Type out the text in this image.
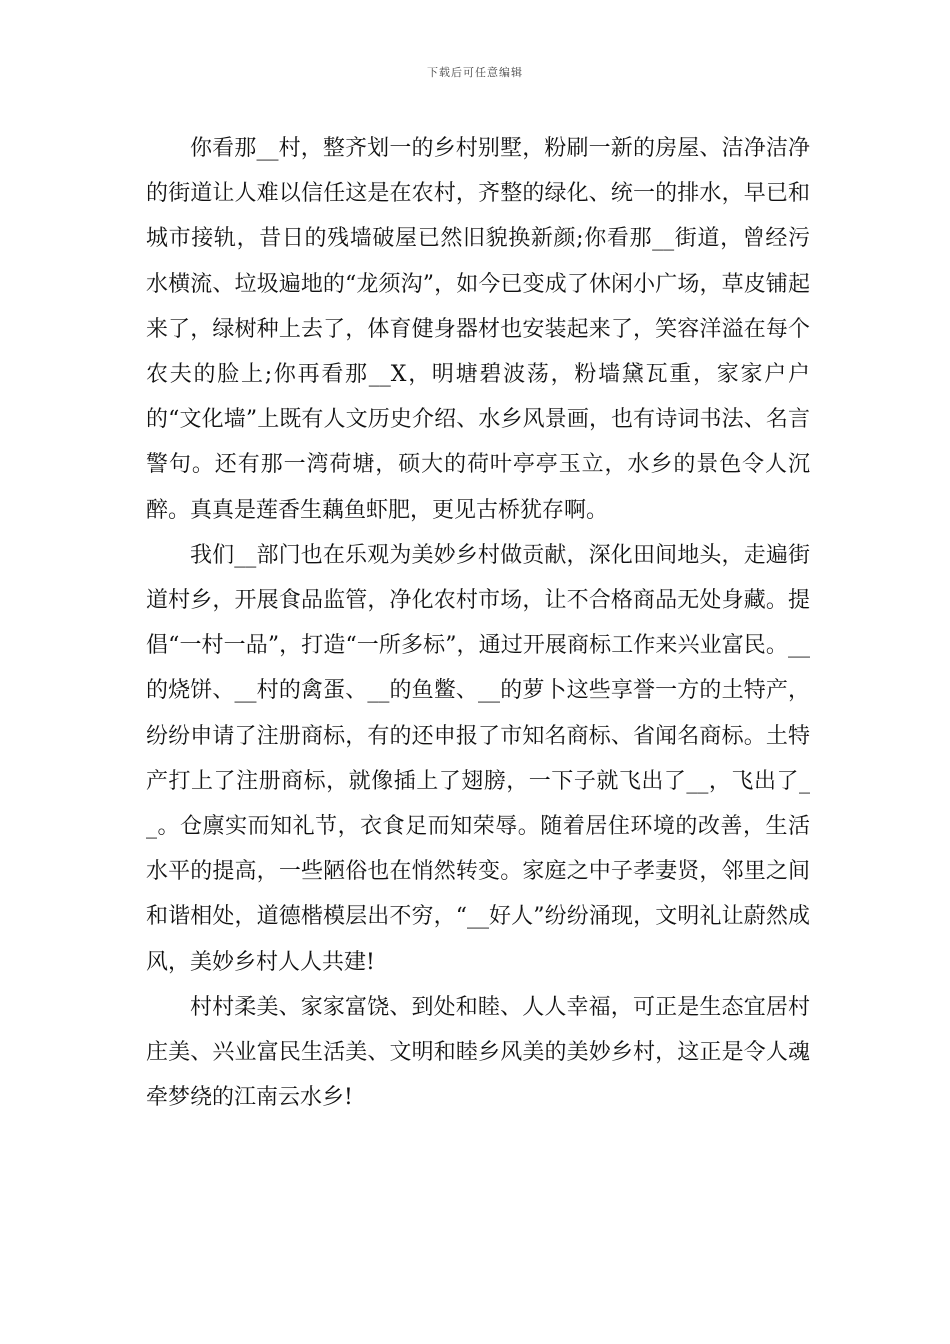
下载后可任意编辑

你看那__村，整齐划一的乡村别墅，粉刷一新的房屋、洁净洁净的街道让人难以信任这是在农村，齐整的绿化、统一的排水，早已和城市接轨，昔日的残墙破屋已然旧貌换新颜;你看那__街道，曾经污水横流、垃圾遍地的“龙须沟”，如今已变成了休闲小广场，草皮铺起来了，绿树种上去了，体育健身器材也安装起来了，笑容洋溢在每个农夫的脸上;你再看那__X，明塘碧波荡，粉墙黛瓦重，家家户户的“文化墙”上既有人文历史介绍、水乡风景画，也有诗词书法、名言警句。还有那一湾荷塘，硕大的荷叶亭亭玉立，水乡的景色令人沉醉。真真是莲香生藕鱼虾肥，更见古桥犹存啊。

我们__部门也在乐观为美妙乡村做贡献，深化田间地头，走遍街道村乡，开展食品监管，净化农村市场，让不合格商品无处身藏。提倡“一村一品”，打造“一所多标”，通过开展商标工作来兴业富民。__的烧饼、__村的禽蛋、__的鱼鳖、__的萝卜这些享誉一方的土特产，纷纷申请了注册商标，有的还申报了市知名商标、省闻名商标。土特产打上了注册商标，就像插上了翅膀，一下子就飞出了__，飞出了__。仓廪实而知礼节，衣食足而知荣辱。随着居住环境的改善，生活水平的提高，一些陋俗也在悄然转变。家庭之中子孝妻贤，邻里之间和谐相处，道德楷模层出不穷，“__好人”纷纷涌现，文明礼让蔚然成风，美妙乡村人人共建!

村村柔美、家家富饶、到处和睦、人人幸福，可正是生态宜居村庄美、兴业富民生活美、文明和睦乡风美的美妙乡村，这正是令人魂牵梦绕的江南云水乡!
